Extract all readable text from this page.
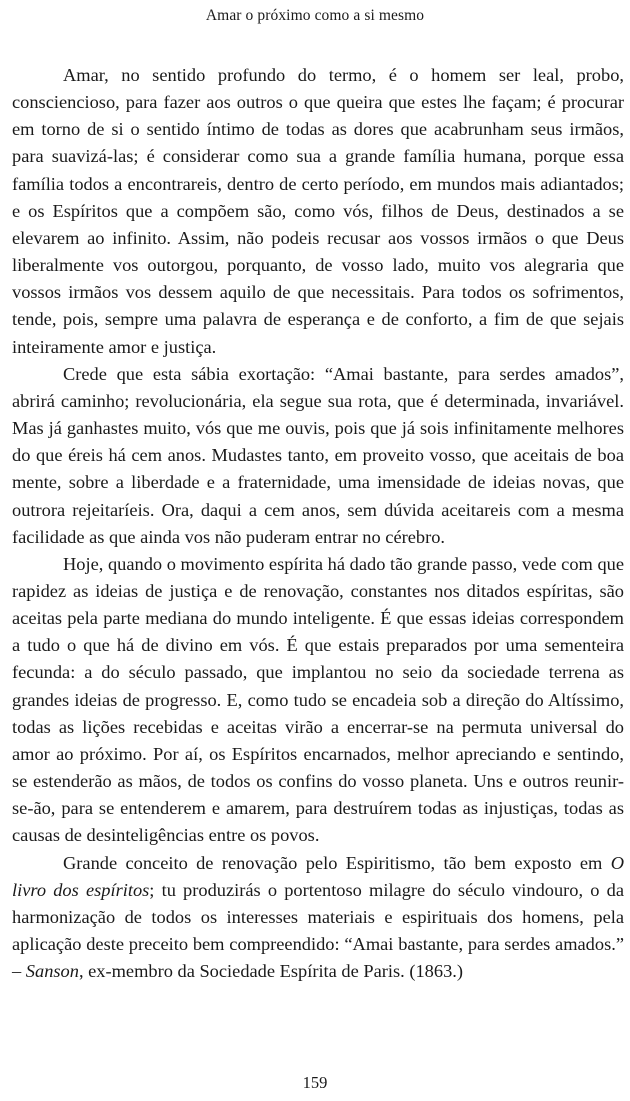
Amar o próximo como a si mesmo

Amar, no sentido profundo do termo, é o homem ser leal, probo, consciencioso, para fazer aos outros o que queira que estes lhe façam; é procurar em torno de si o sentido íntimo de todas as dores que acabrunham seus irmãos, para suavizá-las; é considerar como sua a grande família humana, porque essa família todos a encontrareis, dentro de certo período, em mundos mais adiantados; e os Espíritos que a compõem são, como vós, filhos de Deus, destinados a se elevarem ao infinito. Assim, não podeis recusar aos vossos irmãos o que Deus liberalmente vos outorgou, porquanto, de vosso lado, muito vos alegraria que vossos irmãos vos dessem aquilo de que necessitais. Para todos os sofrimentos, tende, pois, sempre uma palavra de esperança e de conforto, a fim de que sejais inteiramente amor e justiça.

Crede que esta sábia exortação: “Amai bastante, para serdes amados”, abrirá caminho; revolucionária, ela segue sua rota, que é determinada, invariável. Mas já ganhastes muito, vós que me ouvis, pois que já sois infinitamente melhores do que éreis há cem anos. Mudastes tanto, em proveito vosso, que aceitais de boa mente, sobre a liberdade e a fraternidade, uma imensidade de ideias novas, que outrora rejeitaríeis. Ora, daqui a cem anos, sem dúvida aceitareis com a mesma facilidade as que ainda vos não puderam entrar no cérebro.

Hoje, quando o movimento espírita há dado tão grande passo, vede com que rapidez as ideias de justiça e de renovação, constantes nos ditados espíritas, são aceitas pela parte mediana do mundo inteligente. É que essas ideias correspondem a tudo o que há de divino em vós. É que estais preparados por uma sementeira fecunda: a do século passado, que implantou no seio da sociedade terrena as grandes ideias de progresso. E, como tudo se encadeia sob a direção do Altíssimo, todas as lições recebidas e aceitas virão a encerrar-se na permuta universal do amor ao próximo. Por aí, os Espíritos encarnados, melhor apreciando e sentindo, se estenderão as mãos, de todos os confins do vosso planeta. Uns e outros reunir-se-ão, para se entenderem e amarem, para destruírem todas as injustiças, todas as causas de desinteligências entre os povos.

Grande conceito de renovação pelo Espiritismo, tão bem exposto em O livro dos espíritos; tu produzirás o portentoso milagre do século vindouro, o da harmonização de todos os interesses materiais e espirituais dos homens, pela aplicação deste preceito bem compreendido: “Amai bastante, para serdes amados.” – Sanson, ex-membro da Sociedade Espírita de Paris. (1863.)

159
